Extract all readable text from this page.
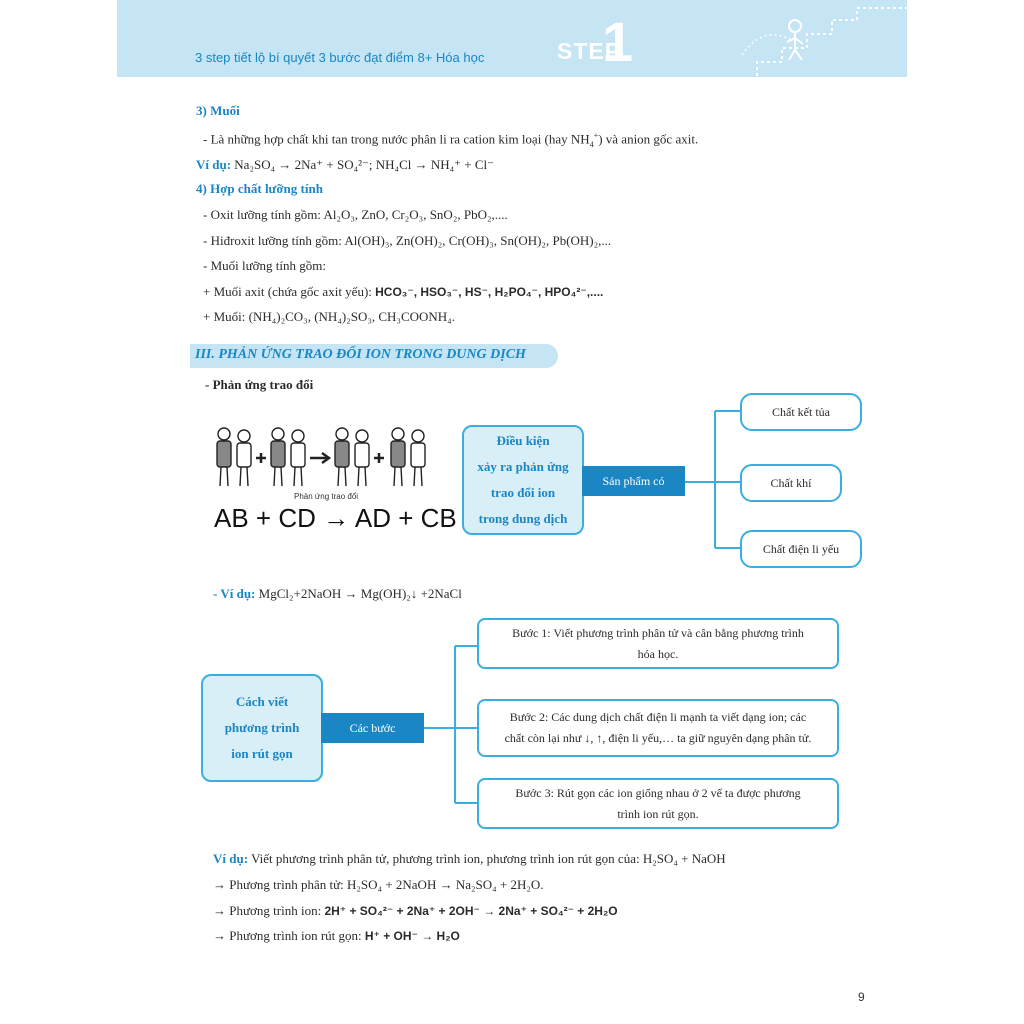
3 step tiết lộ bí quyết 3 bước đạt điểm 8+ Hóa học	STEP
1
3) Muối
- Là những hợp chất khi tan trong nước phân li ra cation kim loại (hay $NH_4^+$) và anion gốc axit.
Ví dụ: Na₂SO₄ → 2Na⁺ + SO₄²⁻; NH₄Cl → NH₄⁺ + Cl⁻
4) Hợp chất lưỡng tính
- Oxit lưỡng tính gồm: Al₂O₃, ZnO, Cr₂O₃, SnO₂, PbO₂,....
- Hiđroxit lưỡng tính gồm: Al(OH)₃, Zn(OH)₂, Cr(OH)₃, Sn(OH)₂, Pb(OH)₂,...
- Muối lưỡng tính gồm:
+ Muối axit (chứa gốc axit yếu): HCO₃⁻, HSO₃⁻, HS⁻, H₂PO₄⁻, HPO₄²⁻,....
+ Muối: (NH₄)₂CO₃, (NH₄)₂SO₃, CH₃COONH₄.
III. PHẢN ỨNG TRAO ĐỔI ION TRONG DUNG DỊCH
- Phản ứng trao đổi
Phản ứng trao đổi
AB + CD → AD + CB
Điều kiện
xảy ra phản ứng
trao đổi ion
trong dung dịch
Sản phẩm có
Chất kết tủa
Chất khí
Chất điện li yếu
- Ví dụ: MgCl₂+2NaOH → Mg(OH)₂↓ +2NaCl
Cách viết
phương trình
ion rút gọn
Các bước
Bước 1: Viết phương trình phân tử và cân bằng phương trình
hóa học.
Bước 2: Các dung dịch chất điện li mạnh ta viết dạng ion; các
chất còn lại như ↓, ↑, điện li yếu,… ta giữ nguyên dạng phân tử.
Bước 3: Rút gọn các ion giống nhau ở 2 vế ta được phương
trình ion rút gọn.
Ví dụ: Viết phương trình phân tử, phương trình ion, phương trình ion rút gọn của: H₂SO₄ + NaOH
→ Phương trình phân tử: H₂SO₄ + 2NaOH → Na₂SO₄ + 2H₂O.
→ Phương trình ion: 2H⁺ + SO₄²⁻ + 2Na⁺ + 2OH⁻ → 2Na⁺ + SO₄²⁻ + 2H₂O
→ Phương trình ion rút gọn: H⁺ + OH⁻ → H₂O
9
